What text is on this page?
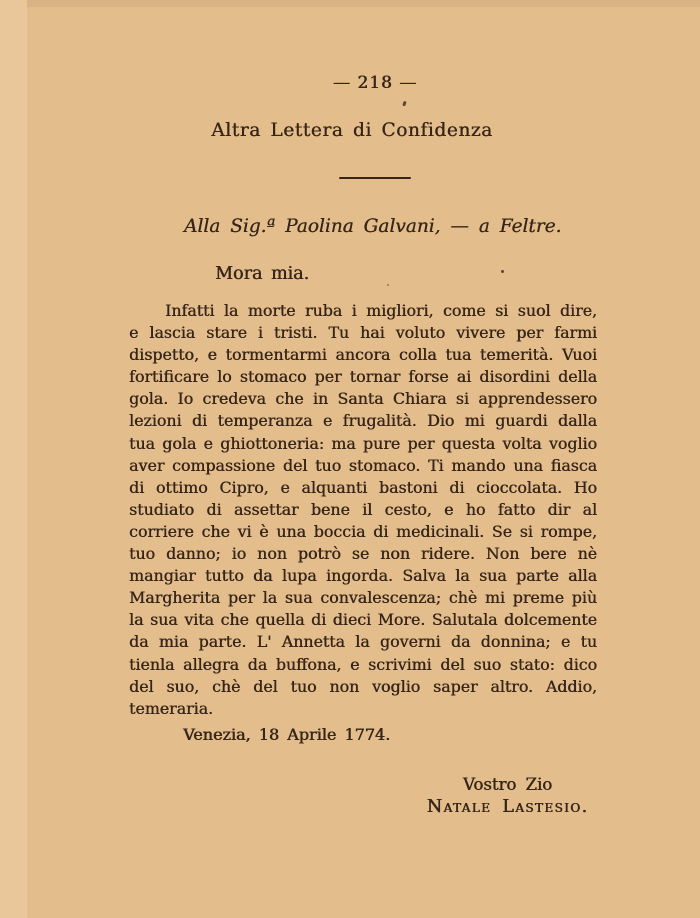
— 218 —
Altra Lettera di Confidenza
Alla Sig.ª Paolina Galvani, — a Feltre.
Mora mia.
Infatti la morte ruba i migliori, come si suol dire,
e lascia stare i tristi. Tu hai voluto vivere per farmi
dispetto, e tormentarmi ancora colla tua temerità. Vuoi
fortificare lo stomaco per tornar forse ai disordini della
gola. Io credeva che in Santa Chiara si apprendessero
lezioni di temperanza e frugalità. Dio mi guardi dalla
tua gola e ghiottoneria: ma pure per questa volta voglio
aver compassione del tuo stomaco. Ti mando una fiasca
di ottimo Cipro, e alquanti bastoni di cioccolata. Ho
studiato di assettar bene il cesto, e ho fatto dir al
corriere che vi è una boccia di medicinali. Se si rompe,
tuo danno; io non potrò se non ridere. Non bere nè
mangiar tutto da lupa ingorda. Salva la sua parte alla
Margherita per la sua convalescenza; chè mi preme più
la sua vita che quella di dieci More. Salutala dolcemente
da mia parte. L' Annetta la governi da donnina; e tu
tienla allegra da buffona, e scrivimi del suo stato: dico
del suo, chè del tuo non voglio saper altro. Addio,
temeraria.
Venezia, 18 Aprile 1774.
Vostro Zio
Natale Lastesio.
